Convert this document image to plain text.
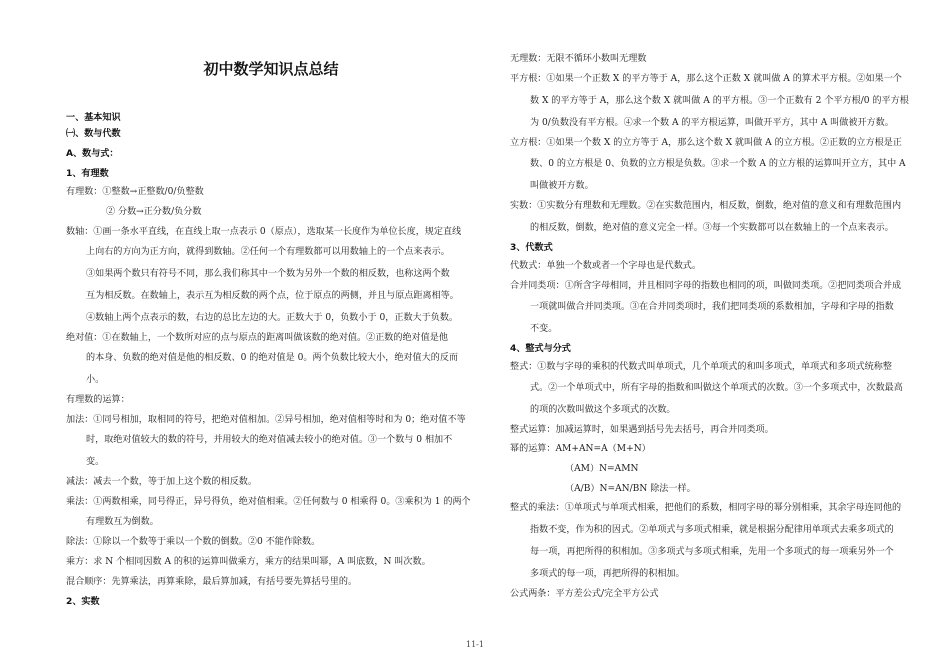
初中数学知识点总结
一、基本知识
㈠、数与代数
A、数与式：
1、有理数
有理数：①整数→正整数/0/负整数
② 分数→正分数/负分数
数轴：①画一条水平直线，在直线上取一点表示 0（原点），选取某一长度作为单位长度，规定直线
上向右的方向为正方向，就得到数轴。②任何一个有理数都可以用数轴上的一个点来表示。
③如果两个数只有符号不同，那么我们称其中一个数为另外一个数的相反数，也称这两个数
互为相反数。在数轴上，表示互为相反数的两个点，位于原点的两侧，并且与原点距离相等。
④数轴上两个点表示的数，右边的总比左边的大。正数大于 0，负数小于 0，正数大于负数。
绝对值：①在数轴上，一个数所对应的点与原点的距离叫做该数的绝对值。②正数的绝对值是他
的本身、负数的绝对值是他的相反数、0 的绝对值是 0。两个负数比较大小，绝对值大的反而
小。
有理数的运算：
加法：①同号相加，取相同的符号，把绝对值相加。②异号相加，绝对值相等时和为 0；绝对值不等
时，取绝对值较大的数的符号，并用较大的绝对值减去较小的绝对值。③一个数与 0 相加不
变。
减法：减去一个数，等于加上这个数的相反数。
乘法：①两数相乘，同号得正，异号得负，绝对值相乘。②任何数与 0 相乘得 0。③乘积为 1 的两个
有理数互为倒数。
除法：①除以一个数等于乘以一个数的倒数。②0 不能作除数。
乘方：求 N 个相同因数 A 的积的运算叫做乘方，乘方的结果叫幂，A 叫底数，N 叫次数。
混合顺序：先算乘法，再算乘除，最后算加减，有括号要先算括号里的。
2、实数
无理数：无限不循环小数叫无理数
平方根：①如果一个正数 X 的平方等于 A，那么这个正数 X 就叫做 A 的算术平方根。②如果一个
数 X 的平方等于 A，那么这个数 X 就叫做 A 的平方根。③一个正数有 2 个平方根/0 的平方根
为 0/负数没有平方根。④求一个数 A 的平方根运算，叫做开平方，其中 A 叫做被开方数。
立方根：①如果一个数 X 的立方等于 A，那么这个数 X 就叫做 A 的立方根。②正数的立方根是正
数、0 的立方根是 0、负数的立方根是负数。③求一个数 A 的立方根的运算叫开立方，其中 A
叫做被开方数。
实数：①实数分有理数和无理数。②在实数范围内，相反数，倒数，绝对值的意义和有理数范围内
的相反数，倒数，绝对值的意义完全一样。③每一个实数都可以在数轴上的一个点来表示。
3、代数式
代数式：单独一个数或者一个字母也是代数式。
合并同类项：①所含字母相同，并且相同字母的指数也相同的项，叫做同类项。②把同类项合并成
一项就叫做合并同类项。③在合并同类项时，我们把同类项的系数相加，字母和字母的指数
不变。
4、整式与分式
整式：①数与字母的乘积的代数式叫单项式，几个单项式的和叫多项式，单项式和多项式统称整
式。②一个单项式中，所有字母的指数和叫做这个单项式的次数。③一个多项式中，次数最高
的项的次数叫做这个多项式的次数。
整式运算：加减运算时，如果遇到括号先去括号，再合并同类项。
幂的运算：AM+AN=A（M+N）
（AM）N=AMN
（A/B）N=AN/BN 除法一样。
整式的乘法：①单项式与单项式相乘，把他们的系数，相同字母的幂分别相乘，其余字母连同他的
指数不变，作为积的因式。②单项式与多项式相乘，就是根据分配律用单项式去乘多项式的
每一项，再把所得的积相加。③多项式与多项式相乘，先用一个多项式的每一项乘另外一个
多项式的每一项，再把所得的积相加。
公式两条：平方差公式/完全平方公式
11-1
